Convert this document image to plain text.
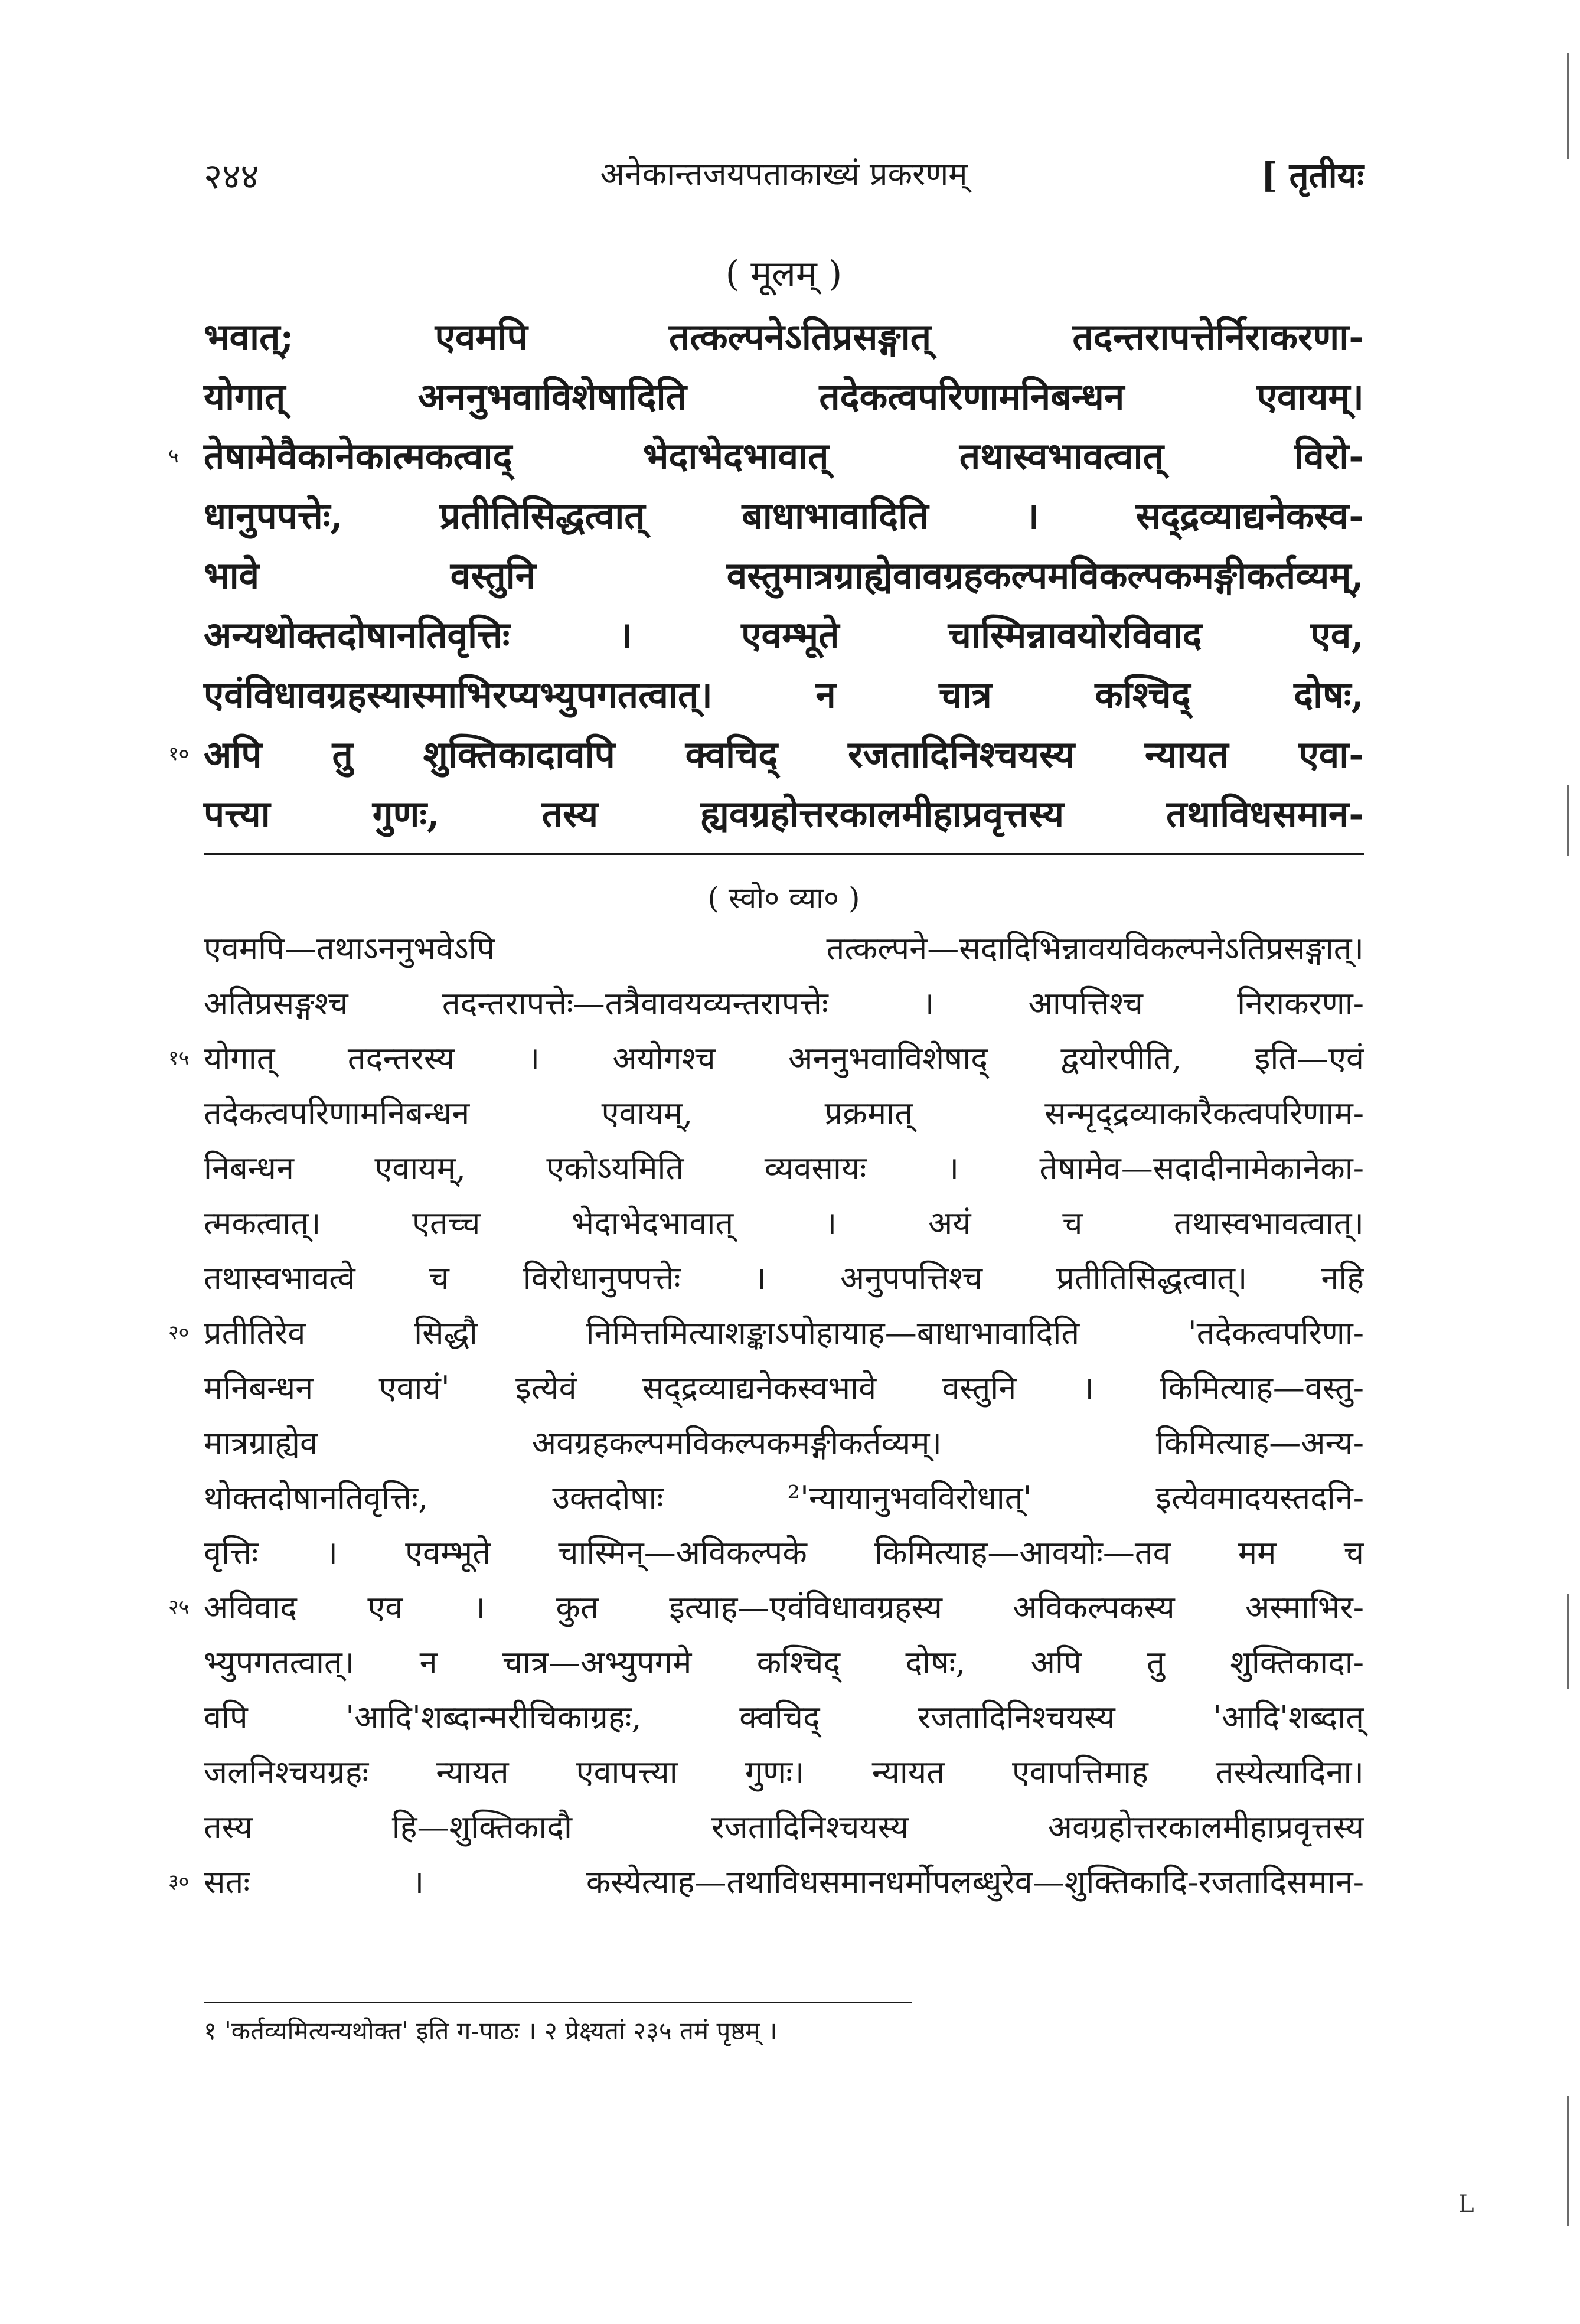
२४४	अनेकान्तजयपताकाख्यं प्रकरणम्	[ तृतीयः
( मूलम् )
भवात्; एवमपि तत्कल्पनेऽतिप्रसङ्गात् तदन्तरापत्तेर्निराकरणा-
योगात् अननुभवाविशेषादिति तदेकत्वपरिणामनिबन्धन एवायम्।
५ तेषामेवैकानेकात्मकत्वाद् भेदाभेदभावात् तथास्वभावत्वात् विरो-
धानुपपत्तेः, प्रतीतिसिद्धत्वात् बाधाभावादिति । सद्द्रव्याद्यनेकस्व-
भावे वस्तुनि वस्तुमात्रग्राह्येवावग्रहकल्पमविकल्पकमङ्गीकर्तव्यम्,
अन्यथोक्तदोषानतिवृत्तिः । एवम्भूते चास्मिन्नावयोरविवाद एव,
एवंविधावग्रहस्यास्माभिरप्यभ्युपगतत्वात्। न चात्र कश्चिद् दोषः,
१० अपि तु शुक्तिकादावपि क्वचिद् रजतादिनिश्चयस्य न्यायत एवा-
पत्त्या गुणः, तस्य ह्यवग्रहोत्तरकालमीहाप्रवृत्तस्य तथाविधसमान-
( स्वो० व्या० )
एवमपि—तथाऽननुभवेऽपि तत्कल्पने—सदादिभिन्नावयविकल्पनेऽतिप्रसङ्गात्।
अतिप्रसङ्गश्च तदन्तरापत्तेः—तत्रैवावयव्यन्तरापत्तेः । आपत्तिश्च निराकरणा-
१५ योगात् तदन्तरस्य । अयोगश्च अननुभवाविशेषाद् द्वयोरपीति, इति—एवं
तदेकत्वपरिणामनिबन्धन एवायम्, प्रक्रमात् सन्मृद्द्रव्याकारैकत्वपरिणाम-
निबन्धन एवायम्, एकोऽयमिति व्यवसायः । तेषामेव—सदादीनामेकानेका-
त्मकत्वात्। एतच्च भेदाभेदभावात् । अयं च तथास्वभावत्वात्।
तथास्वभावत्वे च विरोधानुपपत्तेः । अनुपपत्तिश्च प्रतीतिसिद्धत्वात्। नहि
२० प्रतीतिरेव सिद्धौ निमित्तमित्याशङ्काऽपोहायाह—बाधाभावादिति 'तदेकत्वपरिणा-
मनिबन्धन एवायं' इत्येवं सद्द्रव्याद्यनेकस्वभावे वस्तुनि । किमित्याह—वस्तु-
मात्रग्राह्येव अवग्रहकल्पमविकल्पकमङ्गीकर्तव्यम्। किमित्याह—अन्य-
थोक्तदोषानतिवृत्तिः, उक्तदोषाः ²'न्यायानुभवविरोधात्' इत्येवमादयस्तदनि-
वृत्तिः । एवम्भूते चास्मिन्—अविकल्पके किमित्याह—आवयोः—तव मम च
२५ अविवाद एव । कुत इत्याह—एवंविधावग्रहस्य अविकल्पकस्य अस्माभिर-
भ्युपगतत्वात्। न चात्र—अभ्युपगमे कश्चिद् दोषः, अपि तु शुक्तिकादा-
वपि 'आदि'शब्दान्मरीचिकाग्रहः, क्वचिद् रजतादिनिश्चयस्य 'आदि'शब्दात्
जलनिश्चयग्रहः न्यायत एवापत्त्या गुणः। न्यायत एवापत्तिमाह तस्येत्यादिना।
तस्य हि—शुक्तिकादौ रजतादिनिश्चयस्य अवग्रहोत्तरकालमीहाप्रवृत्तस्य
३० सतः । कस्येत्याह—तथाविधसमानधर्मोपलब्धुरेव—शुक्तिकादि-रजतादिसमान-
१ 'कर्तव्यमित्यन्यथोक्त' इति ग-पाठः । २ प्रेक्ष्यतां २३५ तमं पृष्ठम् ।
L
